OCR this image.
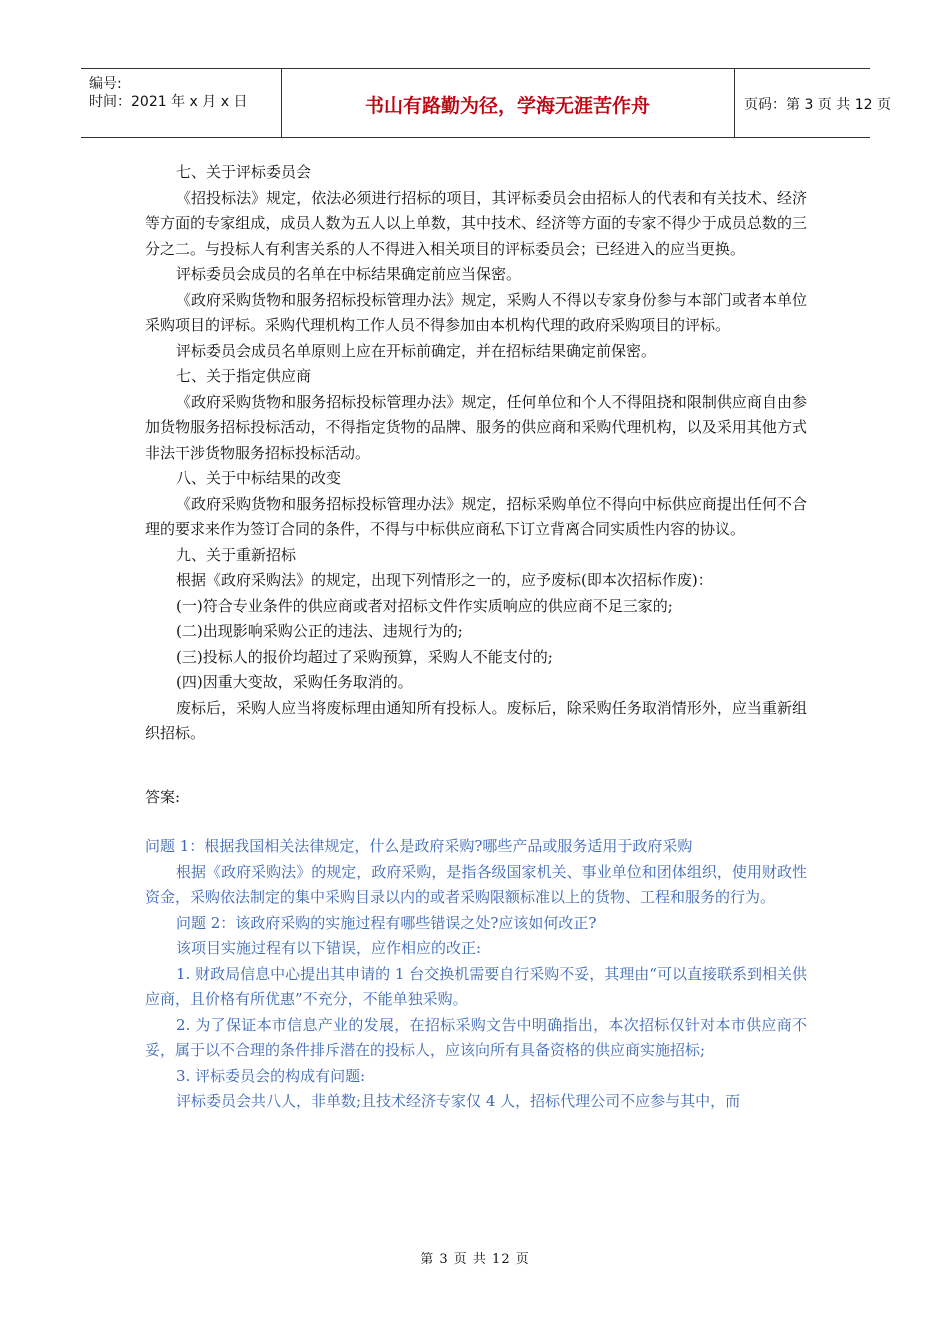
编号:
时间：2021 年 x 月 x 日	书山有路勤为径，学海无涯苦作舟	页码：第 3 页 共 12 页

七、关于评标委员会

《招投标法》规定，依法必须进行招标的项目，其评标委员会由招标人的代表和有关技术、经济等方面的专家组成，成员人数为五人以上单数，其中技术、经济等方面的专家不得少于成员总数的三分之二。与投标人有利害关系的人不得进入相关项目的评标委员会；已经进入的应当更换。

评标委员会成员的名单在中标结果确定前应当保密。

《政府采购货物和服务招标投标管理办法》规定，采购人不得以专家身份参与本部门或者本单位采购项目的评标。采购代理机构工作人员不得参加由本机构代理的政府采购项目的评标。

评标委员会成员名单原则上应在开标前确定，并在招标结果确定前保密。

七、关于指定供应商

《政府采购货物和服务招标投标管理办法》规定，任何单位和个人不得阻挠和限制供应商自由参加货物服务招标投标活动，不得指定货物的品牌、服务的供应商和采购代理机构，以及采用其他方式非法干涉货物服务招标投标活动。

八、关于中标结果的改变

《政府采购货物和服务招标投标管理办法》规定，招标采购单位不得向中标供应商提出任何不合理的要求来作为签订合同的条件，不得与中标供应商私下订立背离合同实质性内容的协议。

九、关于重新招标

根据《政府采购法》的规定，出现下列情形之一的，应予废标(即本次招标作废)：

(一)符合专业条件的供应商或者对招标文件作实质响应的供应商不足三家的;

(二)出现影响采购公正的违法、违规行为的;

(三)投标人的报价均超过了采购预算，采购人不能支付的;

(四)因重大变故，采购任务取消的。

废标后，采购人应当将废标理由通知所有投标人。废标后，除采购任务取消情形外，应当重新组织招标。

答案:

问题 1：根据我国相关法律规定，什么是政府采购?哪些产品或服务适用于政府采购

根据《政府采购法》的规定，政府采购，是指各级国家机关、事业单位和团体组织，使用财政性资金，采购依法制定的集中采购目录以内的或者采购限额标准以上的货物、工程和服务的行为。

问题 2：该政府采购的实施过程有哪些错误之处?应该如何改正?

该项目实施过程有以下错误，应作相应的改正:

1. 财政局信息中心提出其申请的 1 台交换机需要自行采购不妥，其理由“可以直接联系到相关供应商，且价格有所优惠”不充分，不能单独采购。

2. 为了保证本市信息产业的发展，在招标采购文告中明确指出，本次招标仅针对本市供应商不妥，属于以不合理的条件排斥潜在的投标人，应该向所有具备资格的供应商实施招标;

3. 评标委员会的构成有问题:

评标委员会共八人，非单数;且技术经济专家仅 4 人，招标代理公司不应参与其中，而

第 3 页 共 12 页
